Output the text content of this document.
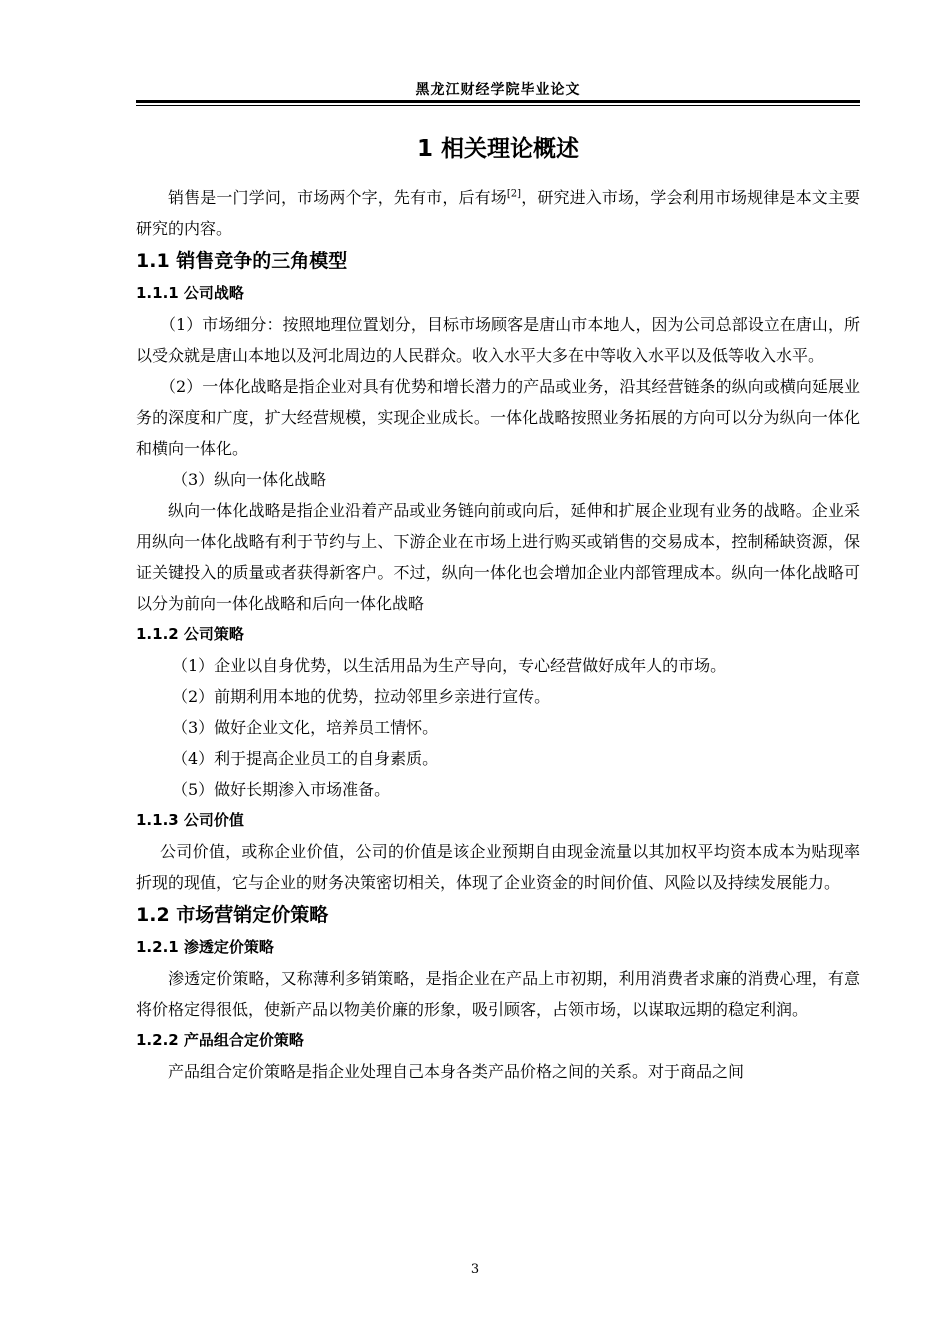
黑龙江财经学院毕业论文
1 相关理论概述

销售是一门学问，市场两个字，先有市，后有场[2]，研究进入市场，学会利用市场规律是本文主要研究的内容。

1.1 销售竞争的三角模型
1.1.1 公司战略

（1）市场细分：按照地理位置划分，目标市场顾客是唐山市本地人，因为公司总部设立在唐山，所以受众就是唐山本地以及河北周边的人民群众。收入水平大多在中等收入水平以及低等收入水平。

（2）一体化战略是指企业对具有优势和增长潜力的产品或业务，沿其经营链条的纵向或横向延展业务的深度和广度，扩大经营规模，实现企业成长。一体化战略按照业务拓展的方向可以分为纵向一体化和横向一体化。

（3）纵向一体化战略

纵向一体化战略是指企业沿着产品或业务链向前或向后，延伸和扩展企业现有业务的战略。企业采用纵向一体化战略有利于节约与上、下游企业在市场上进行购买或销售的交易成本，控制稀缺资源，保证关键投入的质量或者获得新客户。不过，纵向一体化也会增加企业内部管理成本。纵向一体化战略可以分为前向一体化战略和后向一体化战略

1.1.2 公司策略

（1）企业以自身优势，以生活用品为生产导向，专心经营做好成年人的市场。

（2）前期利用本地的优势，拉动邻里乡亲进行宣传。

（3）做好企业文化，培养员工情怀。

（4）利于提高企业员工的自身素质。

（5）做好长期渗入市场准备。

1.1.3 公司价值

公司价值，或称企业价值，公司的价值是该企业预期自由现金流量以其加权平均资本成本为贴现率折现的现值，它与企业的财务决策密切相关，体现了企业资金的时间价值、风险以及持续发展能力。

1.2 市场营销定价策略
1.2.1 渗透定价策略

渗透定价策略，又称薄利多销策略，是指企业在产品上市初期，利用消费者求廉的消费心理，有意将价格定得很低，使新产品以物美价廉的形象，吸引顾客，占领市场，以谋取远期的稳定利润。

1.2.2 产品组合定价策略

产品组合定价策略是指企业处理自己本身各类产品价格之间的关系。对于商品之间

3
